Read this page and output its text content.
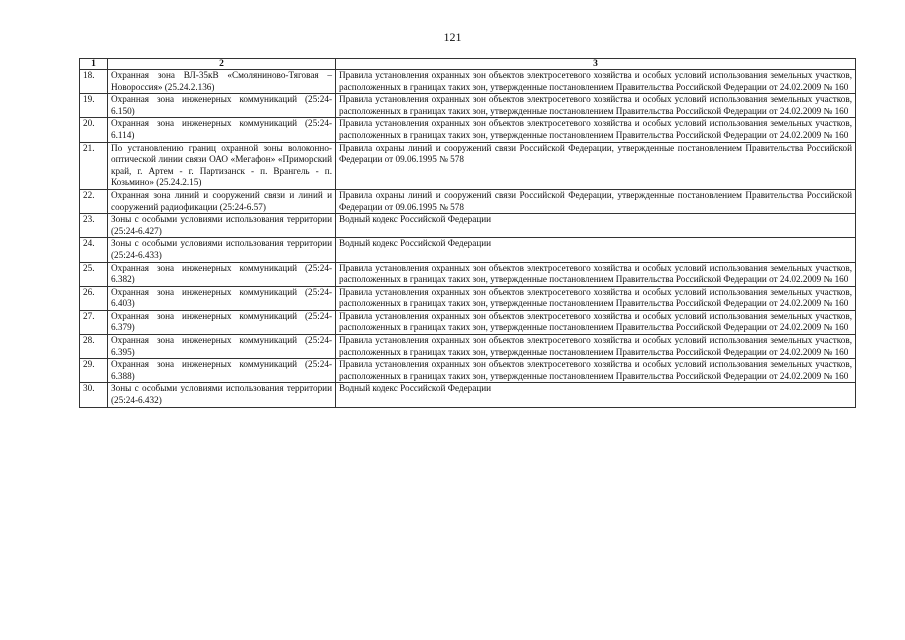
121
1	2	3
18.	Охранная зона ВЛ-35кВ «Смоляниново-Тяговая – Новороссия» (25.24.2.136)	Правила установления охранных зон объектов электросетевого хозяйства и особых условий использования земельных участков, расположенных в границах таких зон, утвержденные постановлением Правительства Российской Федерации от 24.02.2009 № 160
19.	Охранная зона инженерных коммуникаций (25:24-6.150)	Правила установления охранных зон объектов электросетевого хозяйства и особых условий использования земельных участков, расположенных в границах таких зон, утвержденные постановлением Правительства Российской Федерации от 24.02.2009 № 160
20.	Охранная зона инженерных коммуникаций (25:24-6.114)	Правила установления охранных зон объектов электросетевого хозяйства и особых условий использования земельных участков, расположенных в границах таких зон, утвержденные постановлением Правительства Российской Федерации от 24.02.2009 № 160
21.	По установлению границ охранной зоны волоконно-оптической линии связи ОАО «Мегафон» «Приморский край, г. Артем - г. Партизанск - п. Врангель - п. Козьмино» (25.24.2.15)	Правила охраны линий и сооружений связи Российской Федерации, утвержденные постановлением Правительства Российской Федерации от 09.06.1995 № 578
22.	Охранная зона линий и сооружений связи и линий и сооружений радиофикации (25:24-6.57)	Правила охраны линий и сооружений связи Российской Федерации, утвержденные постановлением Правительства Российской Федерации от 09.06.1995 № 578
23.	Зоны с особыми условиями использования территории (25:24-6.427)	Водный кодекс Российской Федерации
24.	Зоны с особыми условиями использования территории (25:24-6.433)	Водный кодекс Российской Федерации
25.	Охранная зона инженерных коммуникаций (25:24-6.382)	Правила установления охранных зон объектов электросетевого хозяйства и особых условий использования земельных участков, расположенных в границах таких зон, утвержденные постановлением Правительства Российской Федерации от 24.02.2009 № 160
26.	Охранная зона инженерных коммуникаций (25:24-6.403)	Правила установления охранных зон объектов электросетевого хозяйства и особых условий использования земельных участков, расположенных в границах таких зон, утвержденные постановлением Правительства Российской Федерации от 24.02.2009 № 160
27.	Охранная зона инженерных коммуникаций (25:24-6.379)	Правила установления охранных зон объектов электросетевого хозяйства и особых условий использования земельных участков, расположенных в границах таких зон, утвержденные постановлением Правительства Российской Федерации от 24.02.2009 № 160
28.	Охранная зона инженерных коммуникаций (25:24-6.395)	Правила установления охранных зон объектов электросетевого хозяйства и особых условий использования земельных участков, расположенных в границах таких зон, утвержденные постановлением Правительства Российской Федерации от 24.02.2009 № 160
29.	Охранная зона инженерных коммуникаций (25:24-6.388)	Правила установления охранных зон объектов электросетевого хозяйства и особых условий использования земельных участков, расположенных в границах таких зон, утвержденные постановлением Правительства Российской Федерации от 24.02.2009 № 160
30.	Зоны с особыми условиями использования территории (25:24-6.432)	Водный кодекс Российской Федерации
